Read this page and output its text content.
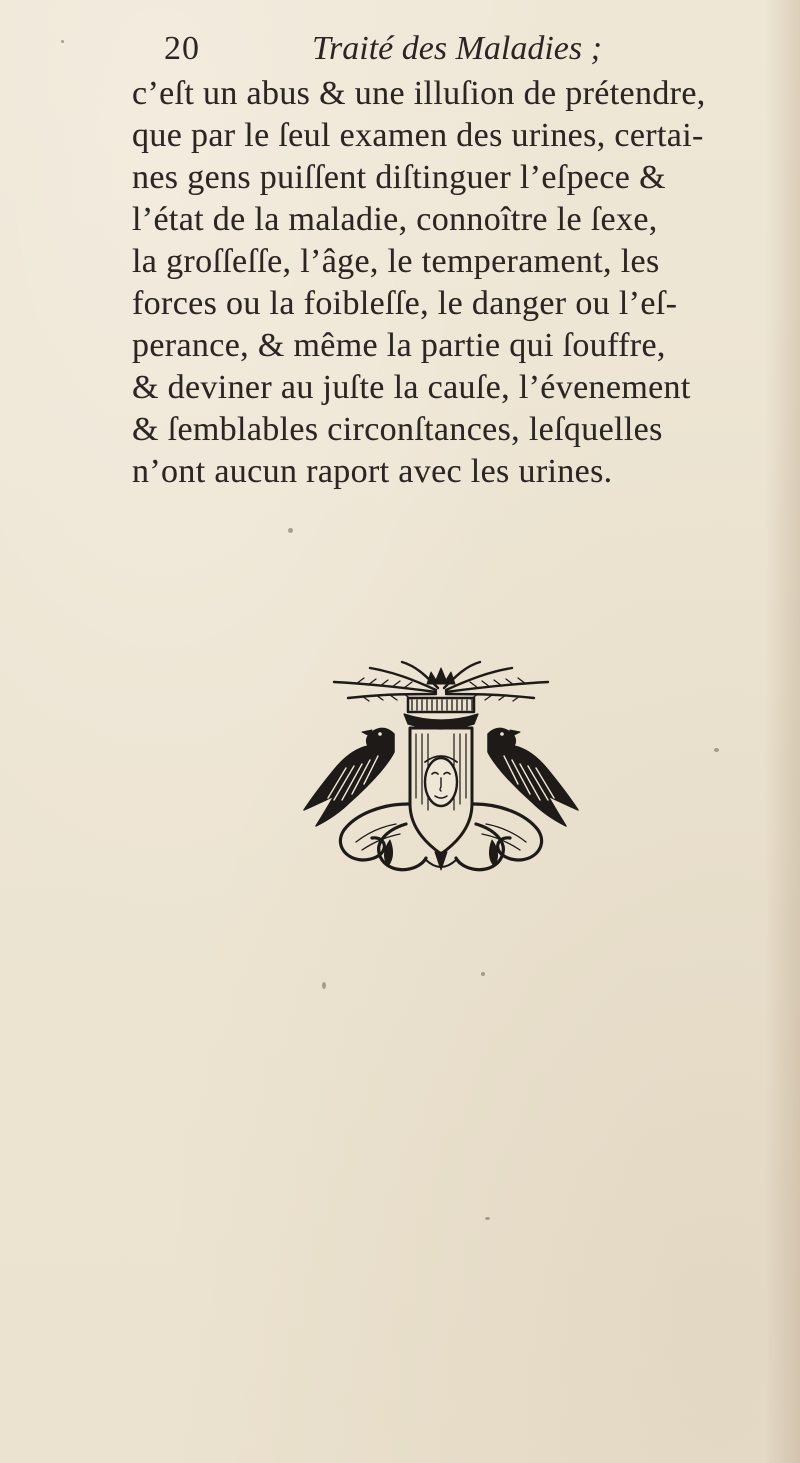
20	Traité des Maladies ;
c’eſt un abus & une illuſion de prétendre,
que par le ſeul examen des urines, certai-
nes gens puiſſent diſtinguer l’eſpece &
l’état de la maladie, connoître le ſexe,
la groſſeſſe, l’âge, le temperament, les
forces ou la foibleſſe, le danger ou l’eſ-
perance, & même la partie qui ſouffre,
& deviner au juſte la cauſe, l’évenement
& ſemblables circonſtances, leſquelles
n’ont aucun raport avec les urines.
